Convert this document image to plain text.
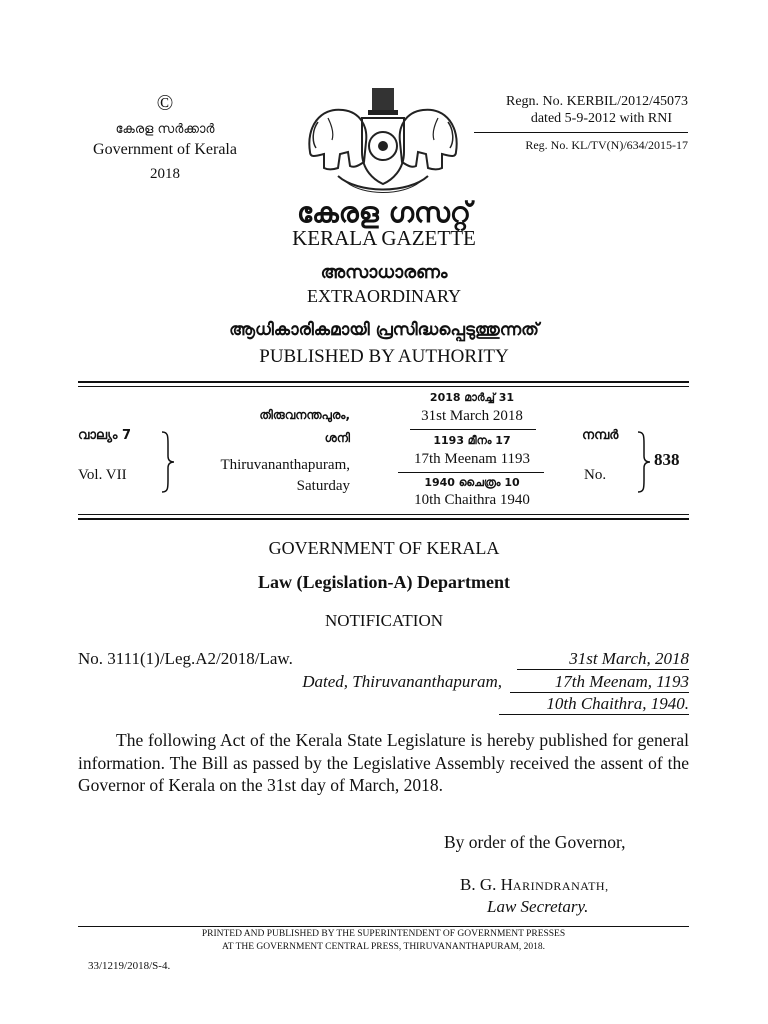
©
കേരള സർക്കാർ
Government of Kerala
2018
Regn. No. KERBIL/2012/45073
dated 5-9-2012 with RNI
Reg. No. KL/TV(N)/634/2015-17
കേരള ഗസറ്റ്
KERALA GAZETTE
അസാധാരണം
EXTRAORDINARY
ആധികാരികമായി പ്രസിദ്ധപ്പെടുത്തുന്നത്
PUBLISHED BY AUTHORITY
വാല്യം 7
Vol. VII
തിരുവനന്തപുരം,
ശനി
Thiruvananthapuram,
Saturday
2018 മാർച്ച് 31
31st March 2018
1193 മീനം 17
17th Meenam 1193
1940 ചൈത്രം 10
10th Chaithra 1940
നമ്പർ
No.
838
GOVERNMENT OF KERALA
Law (Legislation-A) Department
NOTIFICATION
No. 3111(1)/Leg.A2/2018/Law.	31st March, 2018
Dated, Thiruvananthapuram,	17th Meenam, 1193
10th Chaithra, 1940.
The following Act of the Kerala State Legislature is hereby published for general information. The Bill as passed by the Legislative Assembly received the assent of the Governor of Kerala on the 31st day of March, 2018.
By order of the Governor,
B. G. HARINDRANATH,
Law Secretary.
PRINTED AND PUBLISHED BY THE SUPERINTENDENT OF GOVERNMENT PRESSES
AT THE GOVERNMENT CENTRAL PRESS, THIRUVANANTHAPURAM, 2018.
33/1219/2018/S-4.
